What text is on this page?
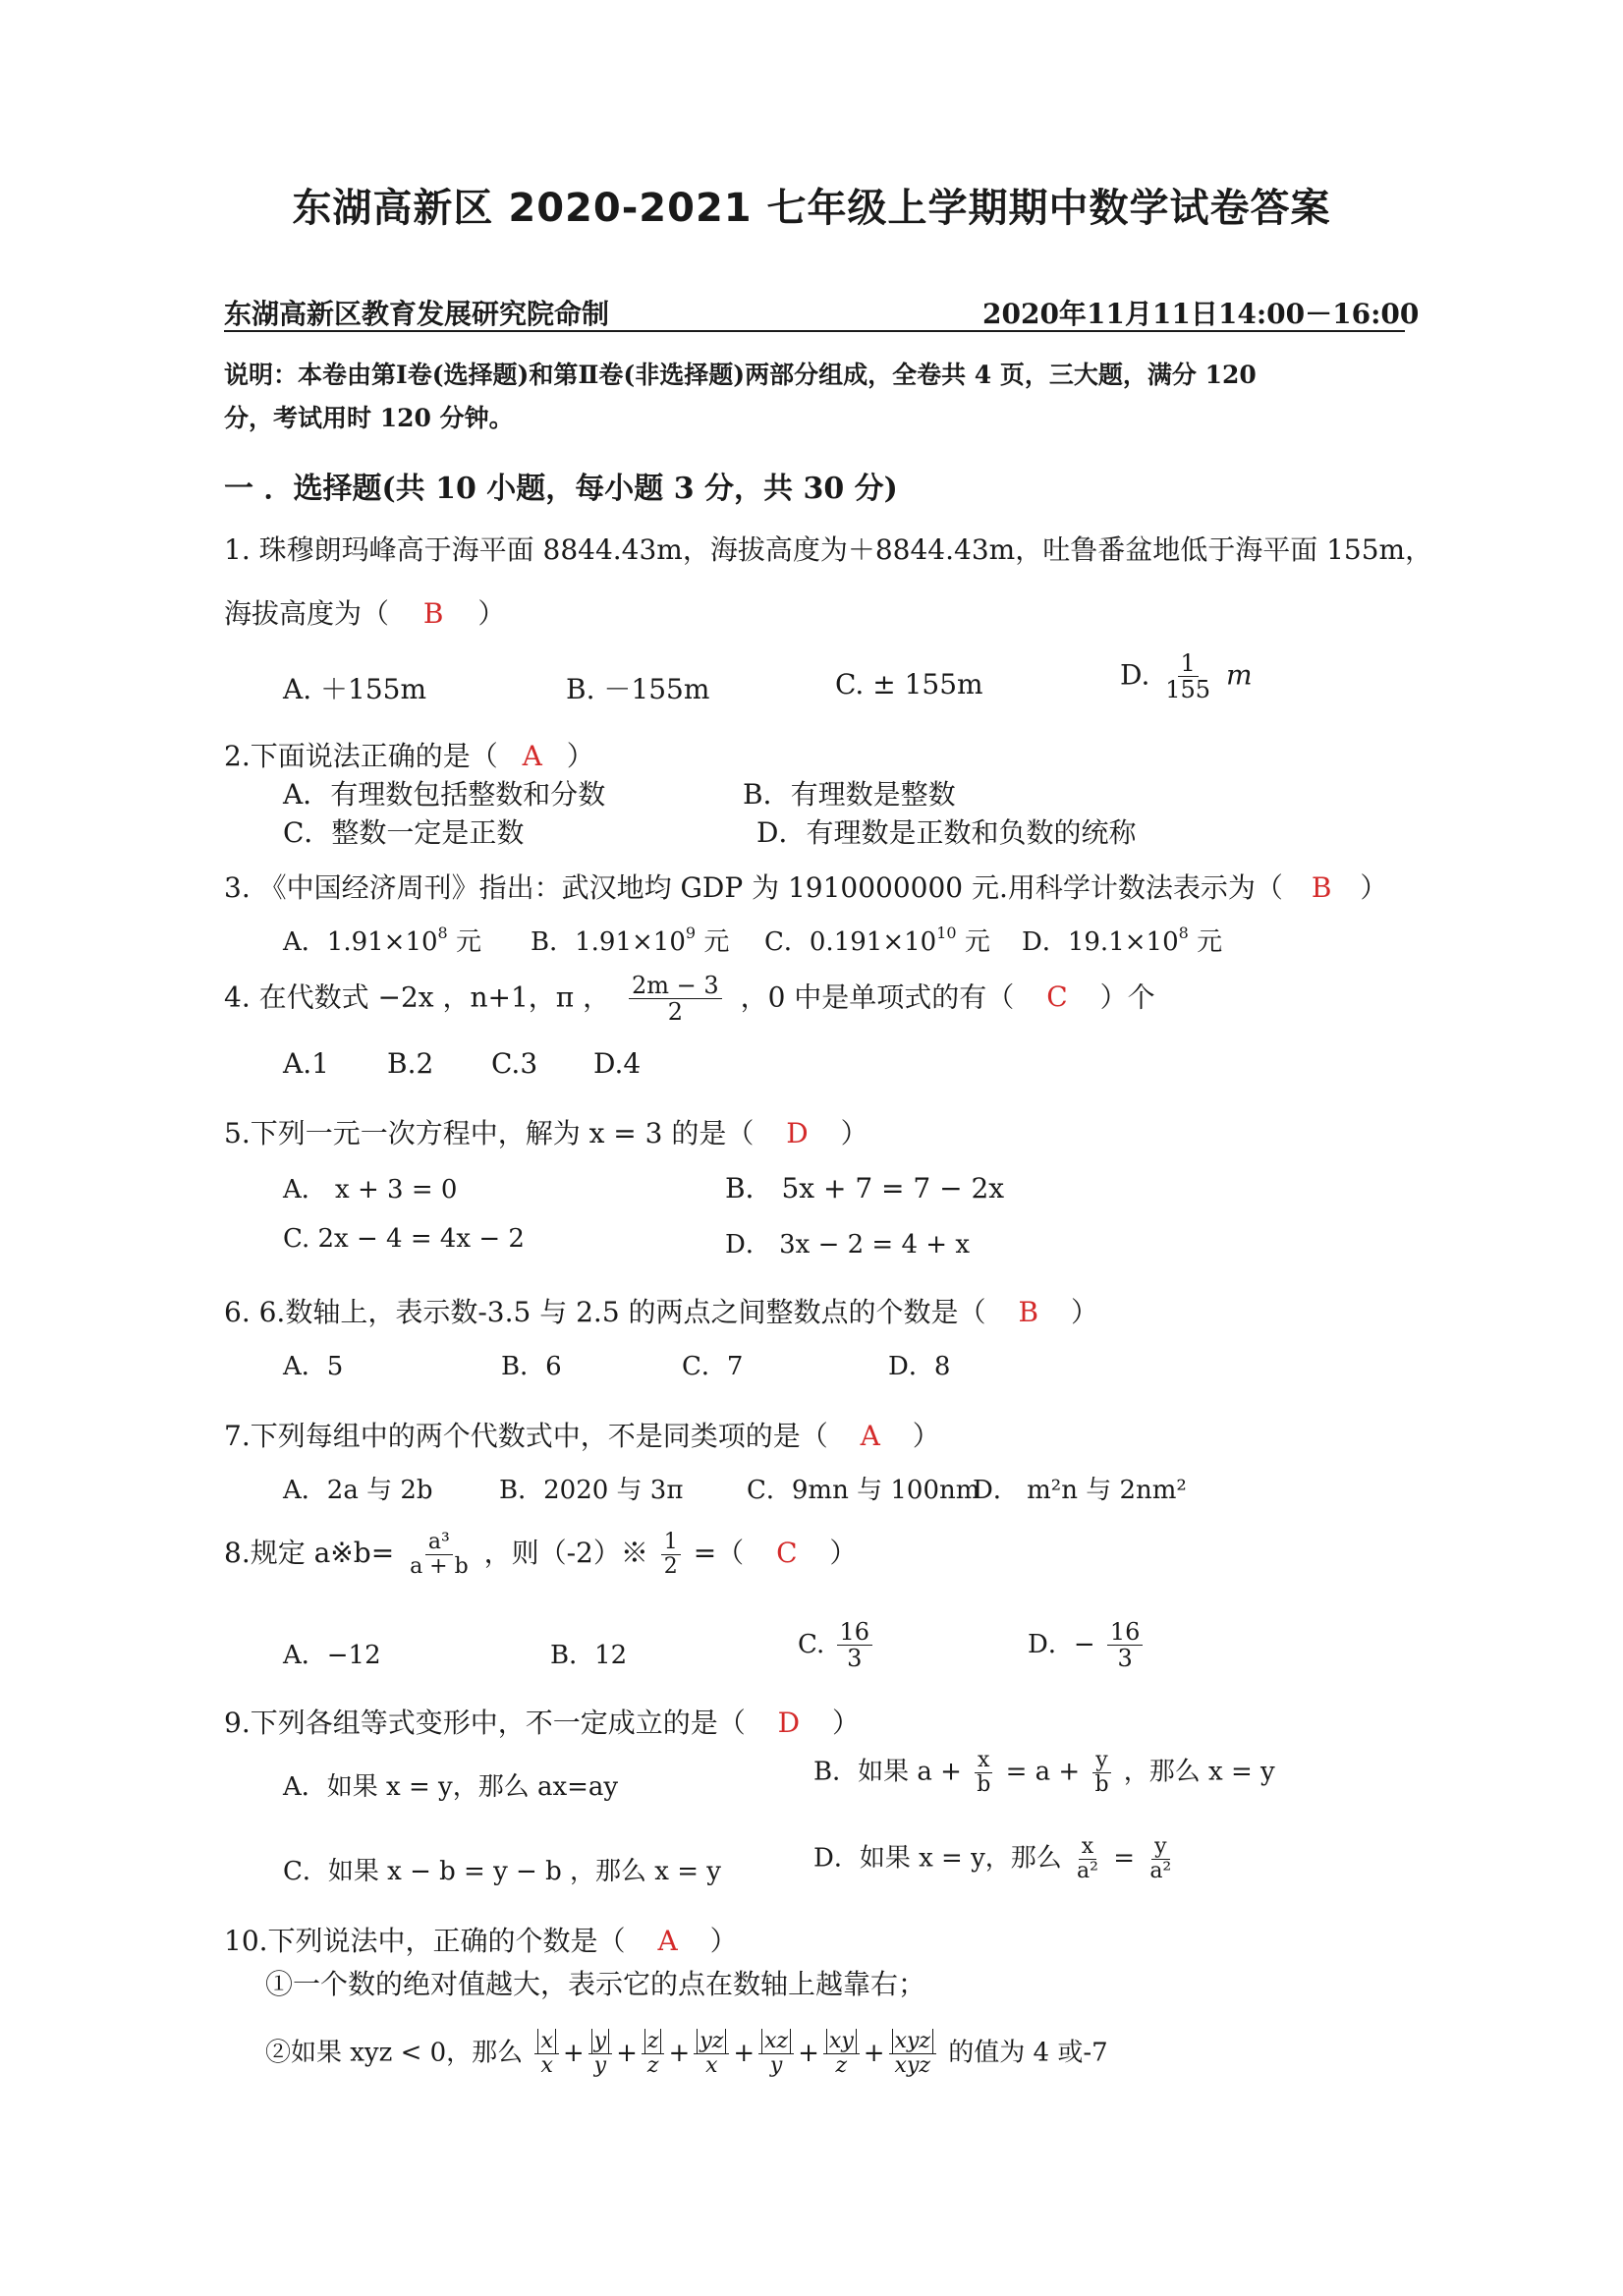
东湖高新区 2020-2021 七年级上学期期中数学试卷答案
东湖高新区教育发展研究院命制	2020年11月11日14:00－16:00
说明：本卷由第Ⅰ卷(选择题)和第Ⅱ卷(非选择题)两部分组成，全卷共 4 页，三大题，满分 120
分，考试用时 120 分钟。
一 ．选择题(共 10 小题，每小题 3 分，共 30 分)
1. 珠穆朗玛峰高于海平面 8844.43m，海拔高度为＋8844.43m，吐鲁番盆地低于海平面 155m，
海拔高度为（ B ）
A. ＋155m	B. －155m	C. ± 155m	D. $\frac{1}{155}$ m
2.下面说法正确的是（ A ）
A．有理数包括整数和分数	B．有理数是整数
C．整数一定是正数	D．有理数是正数和负数的统称
3. 《中国经济周刊》指出：武汉地均 GDP 为 1910000000 元.用科学计数法表示为（ B ）
A．$1.91\times 10^8$ 元 B．$1.91\times 10^9$ 元 C．$0.191\times 10^{10}$ 元 D．$19.1\times 10^8$ 元
4. 在代数式 −2x ，n+1，π ， $\frac{2m - 3}{2}$ ，0 中是单项式的有（ C ）个
A.1 B.2 C.3 D.4
5.下列一元一次方程中，解为 x = 3 的是（ D ）
A． x + 3 = 0	B． 5x + 7 = 7 − 2x
C. 2x − 4 = 4x − 2	D． 3x − 2 = 4 + x
6. 6.数轴上，表示数-3.5 与 2.5 的两点之间整数点的个数是（ B ）
A．5	B．6	C．7	D．8
7.下列每组中的两个代数式中，不是同类项的是（ A ）
A．2a 与 2b	B．2020 与 3π C．9mn 与 100nm
D． m²n 与 2nm²
8.规定 a※b= $\frac{\text{a³}}{a + b}$ ，则（-2）※ $\frac{1}{2}$ =（ C ）
A．−12	B．12	C. $\frac{16}{3}$	D．− $\frac{16}{3}$
9.下列各组等式变形中，不一定成立的是（ D ）
A．如果 x = y，那么 ax=ay
B．如果 $a + \frac{x}{b} = a + \frac{y}{b}$ ，那么 x = y
C．如果 x − b = y − b ，那么 x = y	D．如果 x = y，那么 $\frac{x}{\text{a²}} = \frac{y}{\text{a²}}$
10.下列说法中，正确的个数是（ A ）
①一个数的绝对值越大，表示它的点在数轴上越靠右；
②如果 xyz < 0，那么 $\frac{x}{x} + \frac{y}{y} + \frac{z}{z} + \frac{yz}{x} + \frac{xz}{y} + \frac{xy}{z} + \frac{\text{xyz}}{\text{xyz}}$ 的值为 4 或-7
